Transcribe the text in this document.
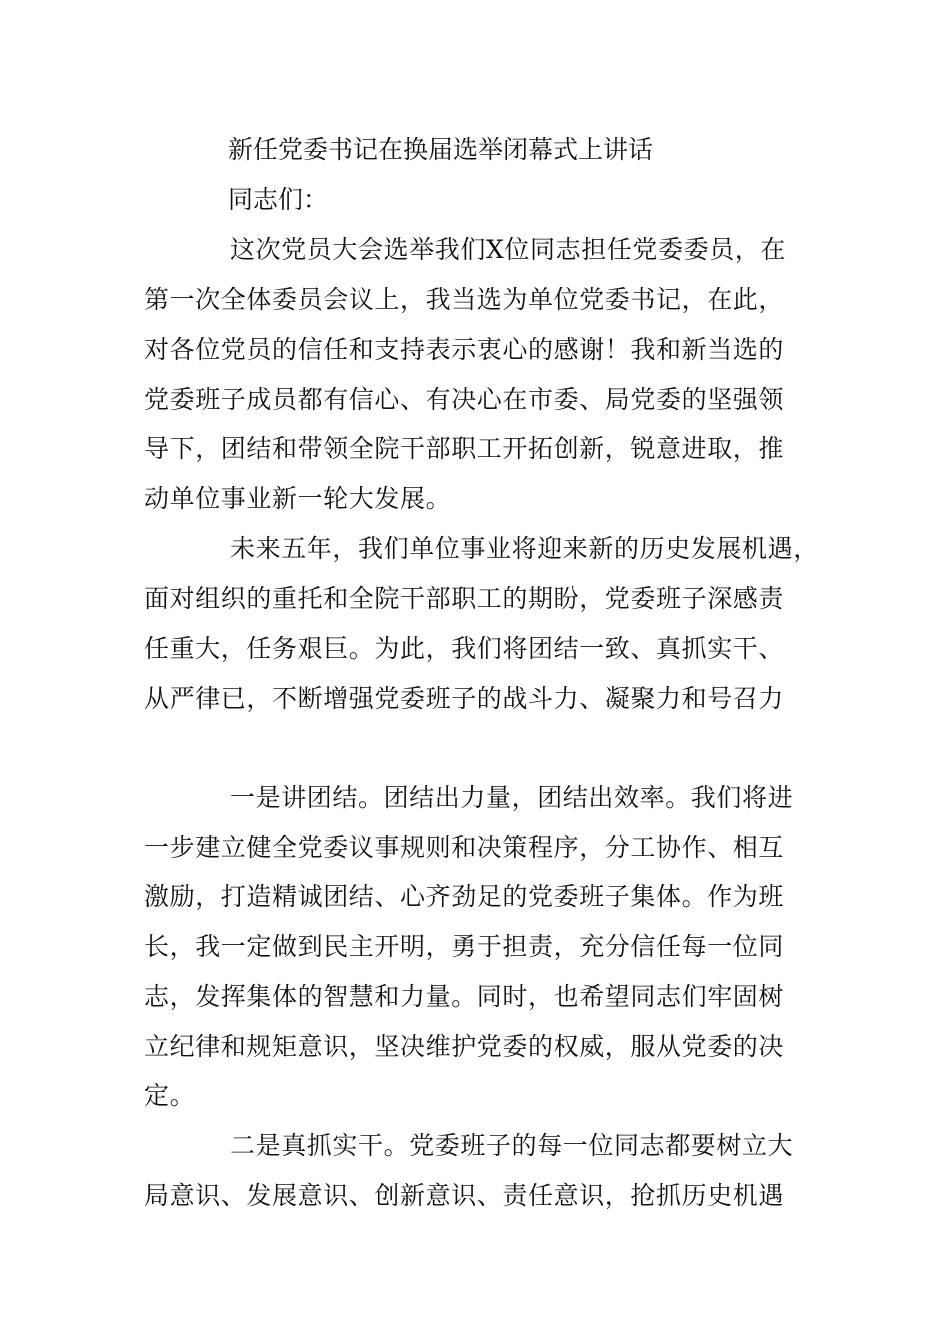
新任党委书记在换届选举闭幕式上讲话
同志们：
这次党员大会选举我们X位同志担任党委委员，在
第一次全体委员会议上，我当选为单位党委书记，在此，
对各位党员的信任和支持表示衷心的感谢！我和新当选的
党委班子成员都有信心、有决心在市委、局党委的坚强领
导下，团结和带领全院干部职工开拓创新，锐意进取，推
动单位事业新一轮大发展。
未来五年，我们单位事业将迎来新的历史发展机遇，
面对组织的重托和全院干部职工的期盼，党委班子深感责
任重大，任务艰巨。为此，我们将团结一致、真抓实干、
从严律已，不断增强党委班子的战斗力、凝聚力和号召力
一是讲团结。团结出力量，团结出效率。我们将进
一步建立健全党委议事规则和决策程序，分工协作、相互
激励，打造精诚团结、心齐劲足的党委班子集体。作为班
长，我一定做到民主开明，勇于担责，充分信任每一位同
志，发挥集体的智慧和力量。同时，也希望同志们牢固树
立纪律和规矩意识，坚决维护党委的权威，服从党委的决
定。
二是真抓实干。党委班子的每一位同志都要树立大
局意识、发展意识、创新意识、责任意识，抢抓历史机遇
